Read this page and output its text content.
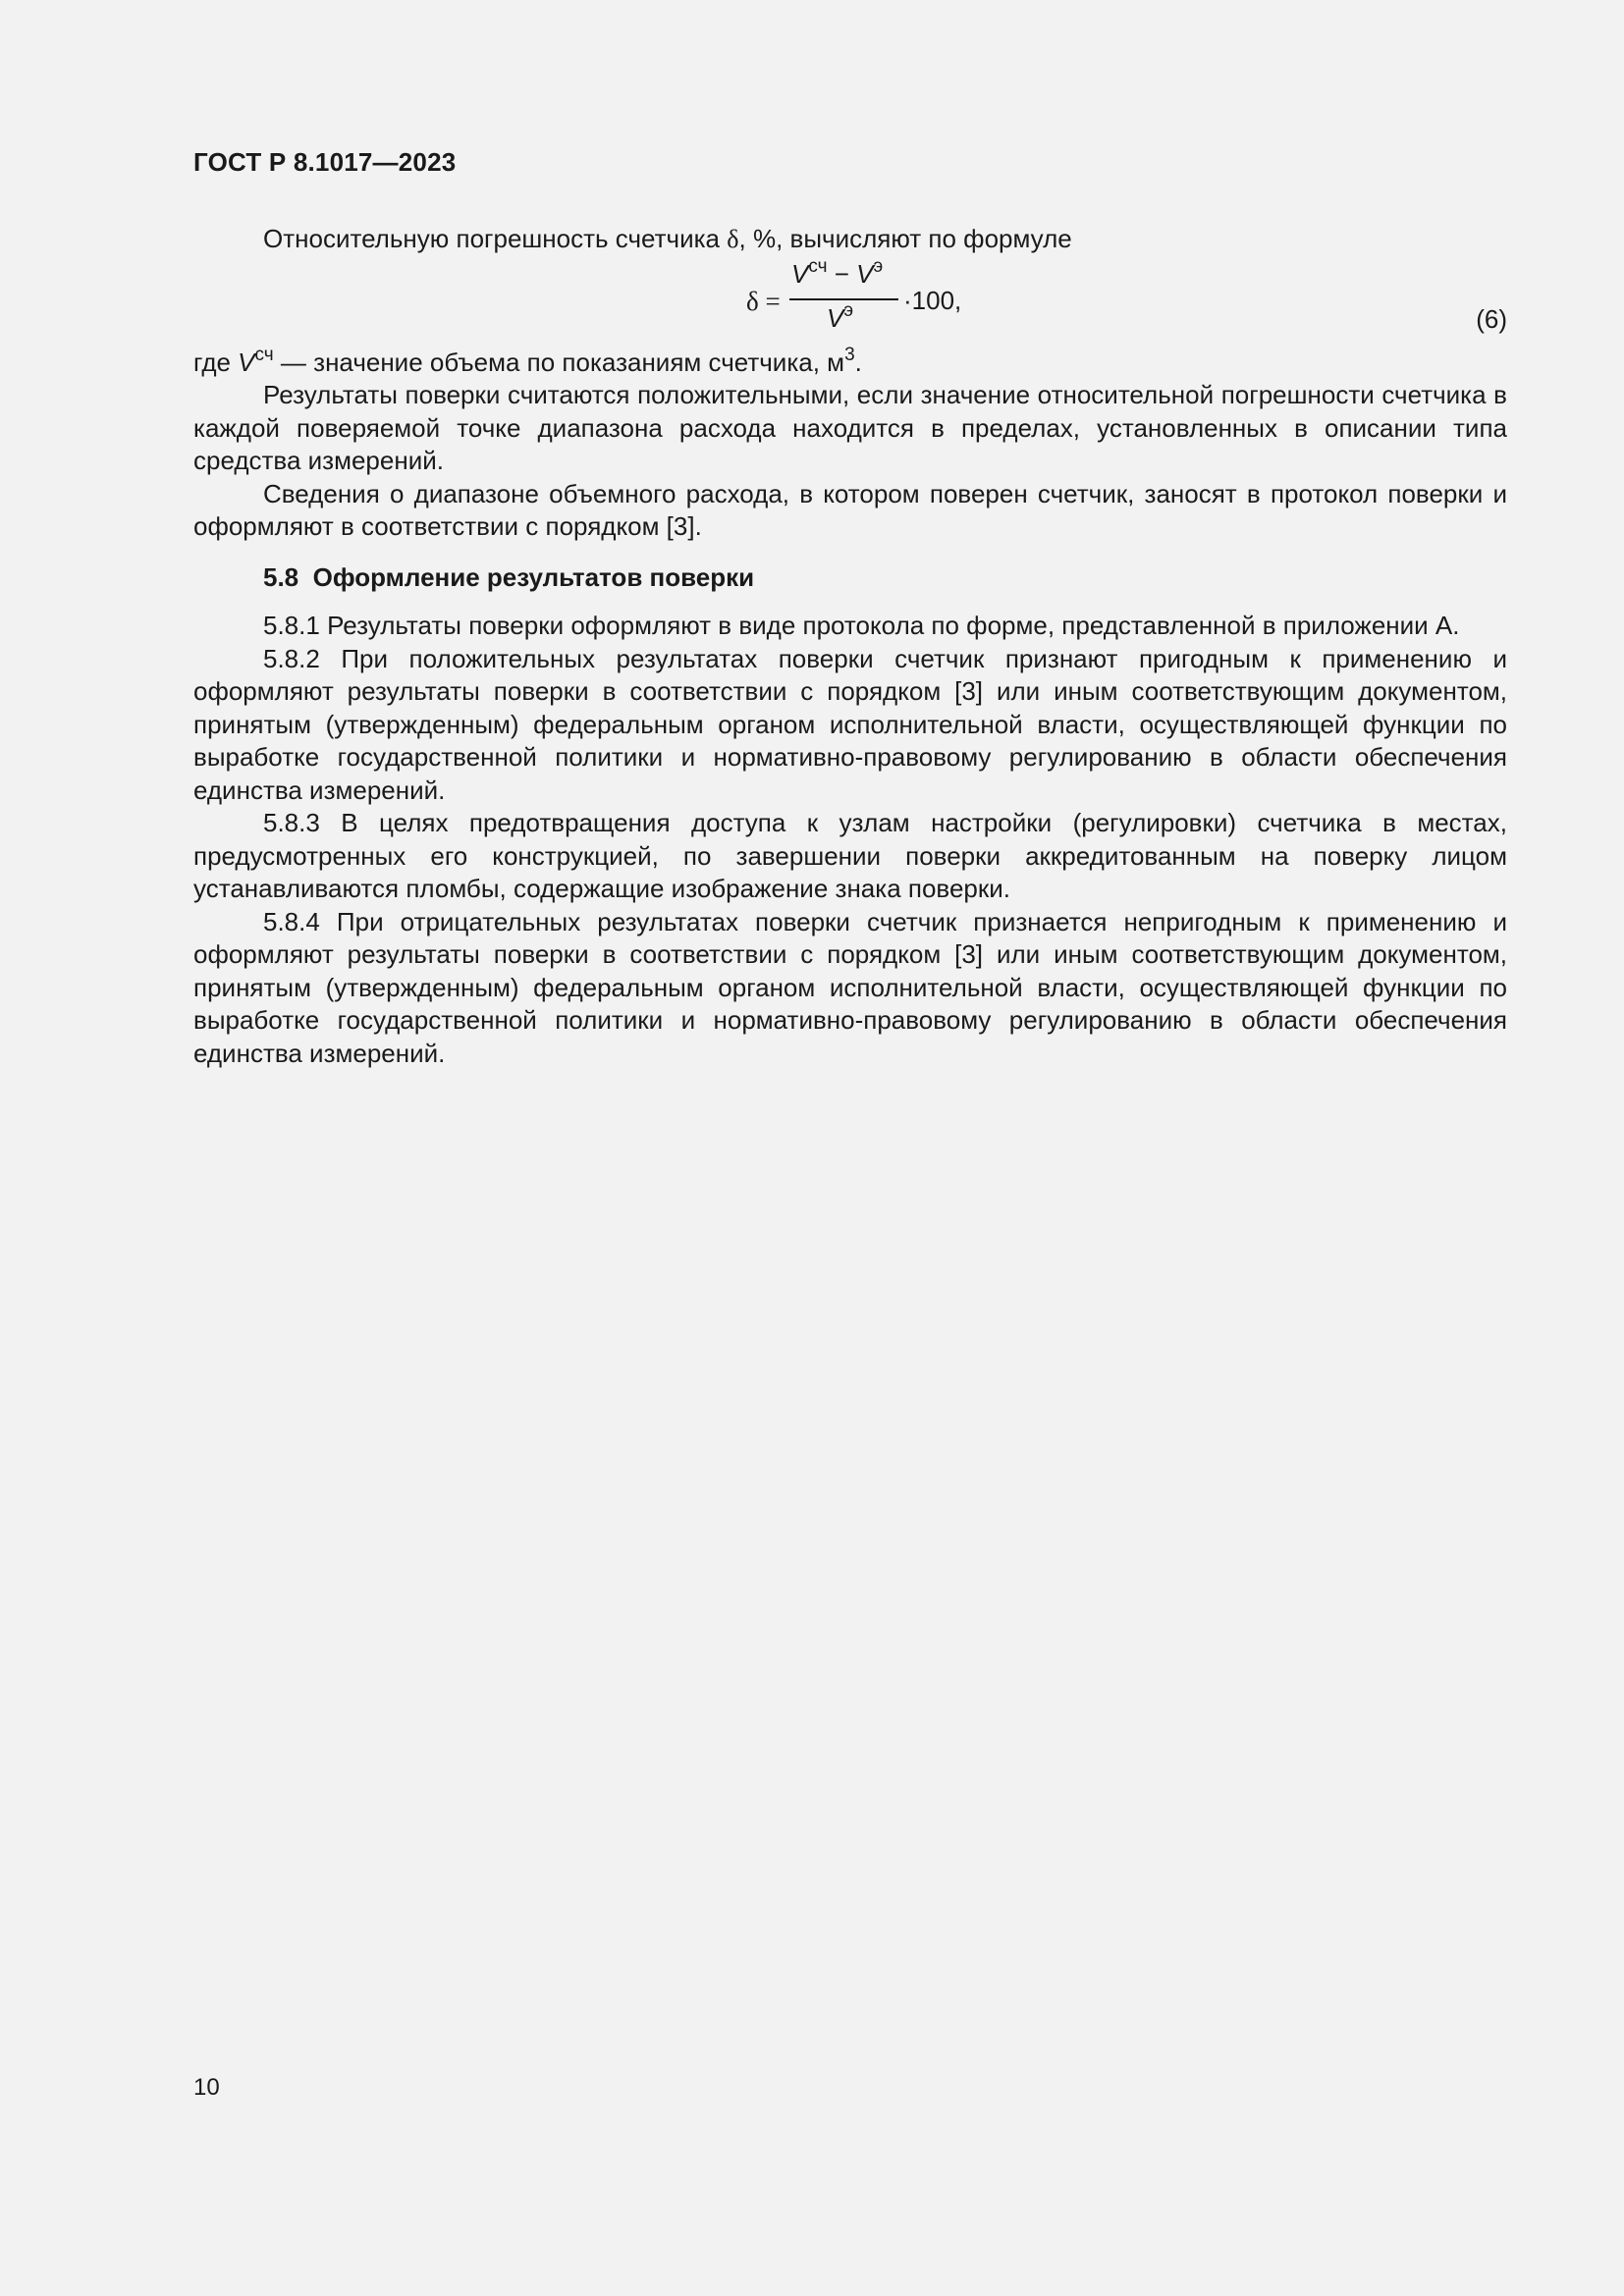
ГОСТ Р 8.1017—2023

Относительную погрешность счетчика δ, %, вычисляют по формуле

δ =
$V^{сч} - V^э$
$V^э \cdot 100$,
(6)

где $V^{сч}$ — значение объема по показаниям счетчика, $м^3$.

Результаты поверки считаются положительными, если значение относительной погрешности счетчика в каждой поверяемой точке диапазона расхода находится в пределах, установленных в описании типа средства измерений.

Сведения о диапазоне объемного расхода, в котором поверен счетчик, заносят в протокол поверки и оформляют в соответствии с порядком [3].

5.8 Оформление результатов поверки

5.8.1 Результаты поверки оформляют в виде протокола по форме, представленной в приложении А.

5.8.2 При положительных результатах поверки счетчик признают пригодным к применению и оформляют результаты поверки в соответствии с порядком [3] или иным соответствующим документом, принятым (утвержденным) федеральным органом исполнительной власти, осуществляющей функции по выработке государственной политики и нормативно-правовому регулированию в области обеспечения единства измерений.

5.8.3 В целях предотвращения доступа к узлам настройки (регулировки) счетчика в местах, предусмотренных его конструкцией, по завершении поверки аккредитованным на поверку лицом устанавливаются пломбы, содержащие изображение знака поверки.

5.8.4 При отрицательных результатах поверки счетчик признается непригодным к применению и оформляют результаты поверки в соответствии с порядком [3] или иным соответствующим документом, принятым (утвержденным) федеральным органом исполнительной власти, осуществляющей функции по выработке государственной политики и нормативно-правовому регулированию в области обеспечения единства измерений.

10
